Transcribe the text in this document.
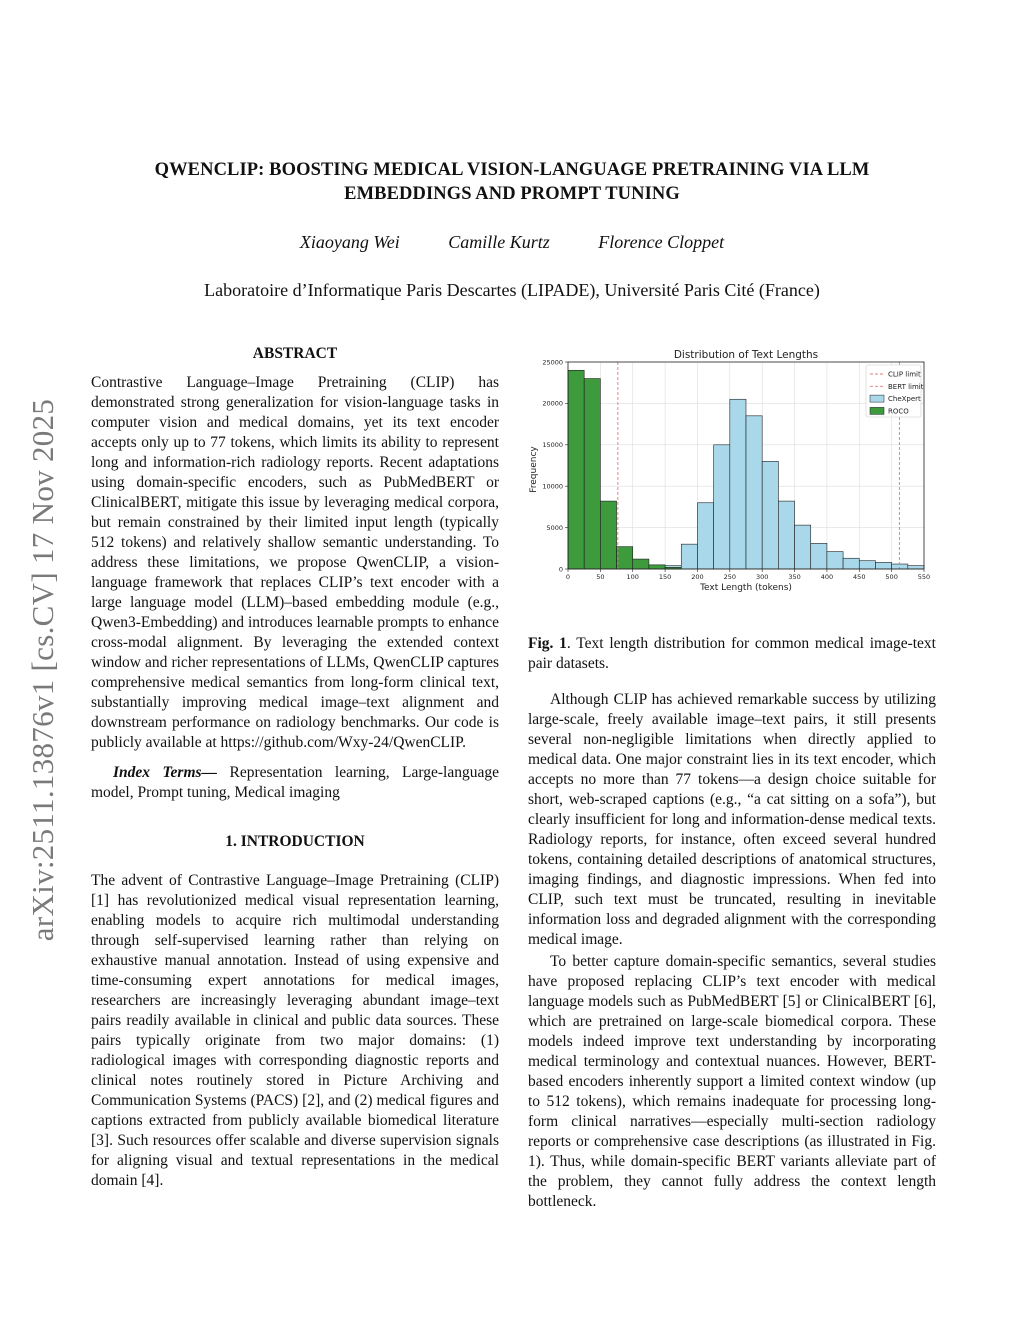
arXiv:2511.13876v1 [cs.CV] 17 Nov 2025
QWENCLIP: BOOSTING MEDICAL VISION-LANGUAGE PRETRAINING VIA LLM
EMBEDDINGS AND PROMPT TUNING
Xiaoyang Wei	Camille Kurtz	Florence Cloppet
Laboratoire d’Informatique Paris Descartes (LIPADE), Université Paris Cité (France)
ABSTRACT

Contrastive Language–Image Pretraining (CLIP) has demonstrated strong generalization for vision-language tasks in computer vision and medical domains, yet its text encoder accepts only up to 77 tokens, which limits its ability to represent long and information-rich radiology reports. Recent adaptations using domain-specific encoders, such as PubMedBERT or ClinicalBERT, mitigate this issue by leveraging medical corpora, but remain constrained by their limited input length (typically 512 tokens) and relatively shallow semantic understanding. To address these limitations, we propose QwenCLIP, a vision-language framework that replaces CLIP’s text encoder with a large language model (LLM)–based embedding module (e.g., Qwen3-Embedding) and introduces learnable prompts to enhance cross-modal alignment. By leveraging the extended context window and richer representations of LLMs, QwenCLIP captures comprehensive medical semantics from long-form clinical text, substantially improving medical image–text alignment and downstream performance on radiology benchmarks. Our code is publicly available at https://github.com/Wxy-24/QwenCLIP.

Index Terms— Representation learning, Large-language model, Prompt tuning, Medical imaging

1. INTRODUCTION

The advent of Contrastive Language–Image Pretraining (CLIP) [1] has revolutionized medical visual representation learning, enabling models to acquire rich multimodal understanding through self-supervised learning rather than relying on exhaustive manual annotation. Instead of using expensive and time-consuming expert annotations for medical images, researchers are increasingly leveraging abundant image–text pairs readily available in clinical and public data sources. These pairs typically originate from two major domains: (1) radiological images with corresponding diagnostic reports and clinical notes routinely stored in Picture Archiving and Communication Systems (PACS) [2], and (2) medical figures and captions extracted from publicly available biomedical literature [3]. Such resources offer scalable and diverse supervision signals for aligning visual and textual representations in the medical domain [4].

0	50	100	150	200	250	300	350	400	450	500	550
0
5000
10000
15000
20000
25000
Distribution of Text Lengths
Text Length (tokens)
Frequency
CLIP limit
BERT limit
CheXpert
ROCO
Fig. 1. Text length distribution for common medical image-text pair datasets.

Although CLIP has achieved remarkable success by utilizing large-scale, freely available image–text pairs, it still presents several non-negligible limitations when directly applied to medical data. One major constraint lies in its text encoder, which accepts no more than 77 tokens—a design choice suitable for short, web-scraped captions (e.g., “a cat sitting on a sofa”), but clearly insufficient for long and information-dense medical texts. Radiology reports, for instance, often exceed several hundred tokens, containing detailed descriptions of anatomical structures, imaging findings, and diagnostic impressions. When fed into CLIP, such text must be truncated, resulting in inevitable information loss and degraded alignment with the corresponding medical image.

To better capture domain-specific semantics, several studies have proposed replacing CLIP’s text encoder with medical language models such as PubMedBERT [5] or ClinicalBERT [6], which are pretrained on large-scale biomedical corpora. These models indeed improve text understanding by incorporating medical terminology and contextual nuances. However, BERT-based encoders inherently support a limited context window (up to 512 tokens), which remains inadequate for processing long-form clinical narratives—especially multi-section radiology reports or comprehensive case descriptions (as illustrated in Fig. 1). Thus, while domain-specific BERT variants alleviate part of the problem, they cannot fully address the context length bottleneck.
